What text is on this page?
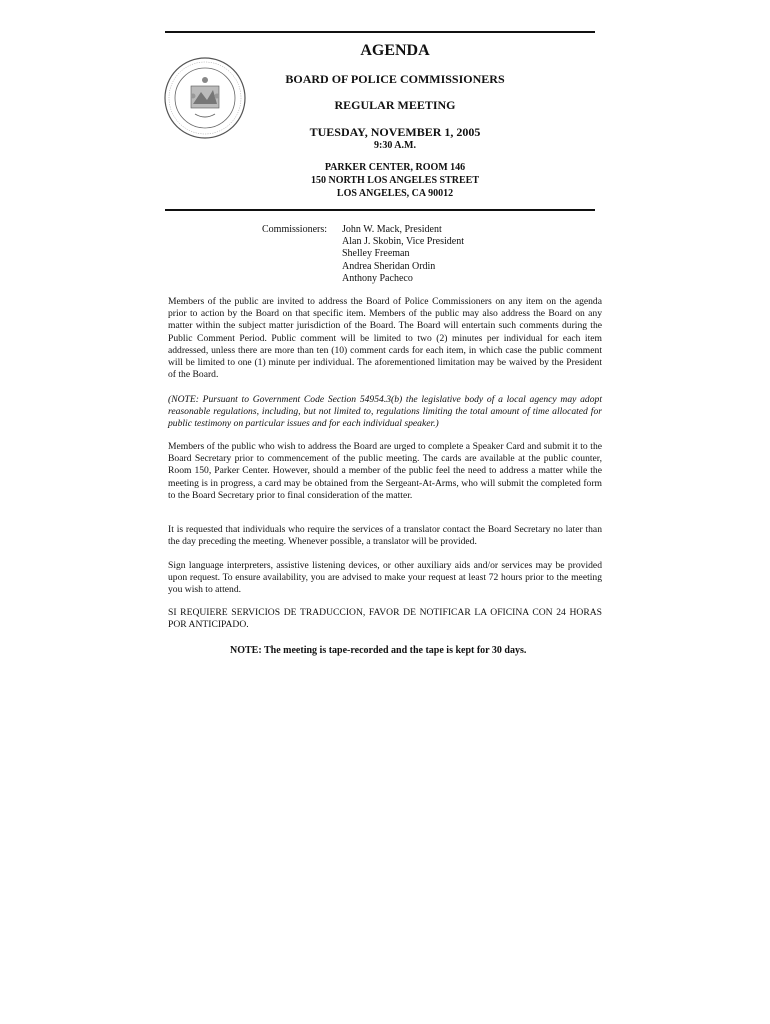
AGENDA
BOARD OF POLICE COMMISSIONERS
REGULAR MEETING
TUESDAY, NOVEMBER 1, 2005
9:30 A.M.
PARKER CENTER, ROOM 146
150 NORTH LOS ANGELES STREET
LOS ANGELES, CA 90012
Commissioners: John W. Mack, President
Alan J. Skobin, Vice President
Shelley Freeman
Andrea Sheridan Ordin
Anthony Pacheco

Members of the public are invited to address the Board of Police Commissioners on any item on the agenda prior to action by the Board on that specific item. Members of the public may also address the Board on any matter within the subject matter jurisdiction of the Board. The Board will entertain such comments during the Public Comment Period. Public comment will be limited to two (2) minutes per individual for each item addressed, unless there are more than ten (10) comment cards for each item, in which case the public comment will be limited to one (1) minute per individual. The aforementioned limitation may be waived by the President of the Board.

(NOTE: Pursuant to Government Code Section 54954.3(b) the legislative body of a local agency may adopt reasonable regulations, including, but not limited to, regulations limiting the total amount of time allocated for public testimony on particular issues and for each individual speaker.)

Members of the public who wish to address the Board are urged to complete a Speaker Card and submit it to the Board Secretary prior to commencement of the public meeting. The cards are available at the public counter, Room 150, Parker Center. However, should a member of the public feel the need to address a matter while the meeting is in progress, a card may be obtained from the Sergeant-At-Arms, who will submit the completed form to the Board Secretary prior to final consideration of the matter.

It is requested that individuals who require the services of a translator contact the Board Secretary no later than the day preceding the meeting. Whenever possible, a translator will be provided.

Sign language interpreters, assistive listening devices, or other auxiliary aids and/or services may be provided upon request. To ensure availability, you are advised to make your request at least 72 hours prior to the meeting you wish to attend.

SI REQUIERE SERVICIOS DE TRADUCCION, FAVOR DE NOTIFICAR LA OFICINA CON 24 HORAS POR ANTICIPADO.

NOTE: The meeting is tape-recorded and the tape is kept for 30 days.
